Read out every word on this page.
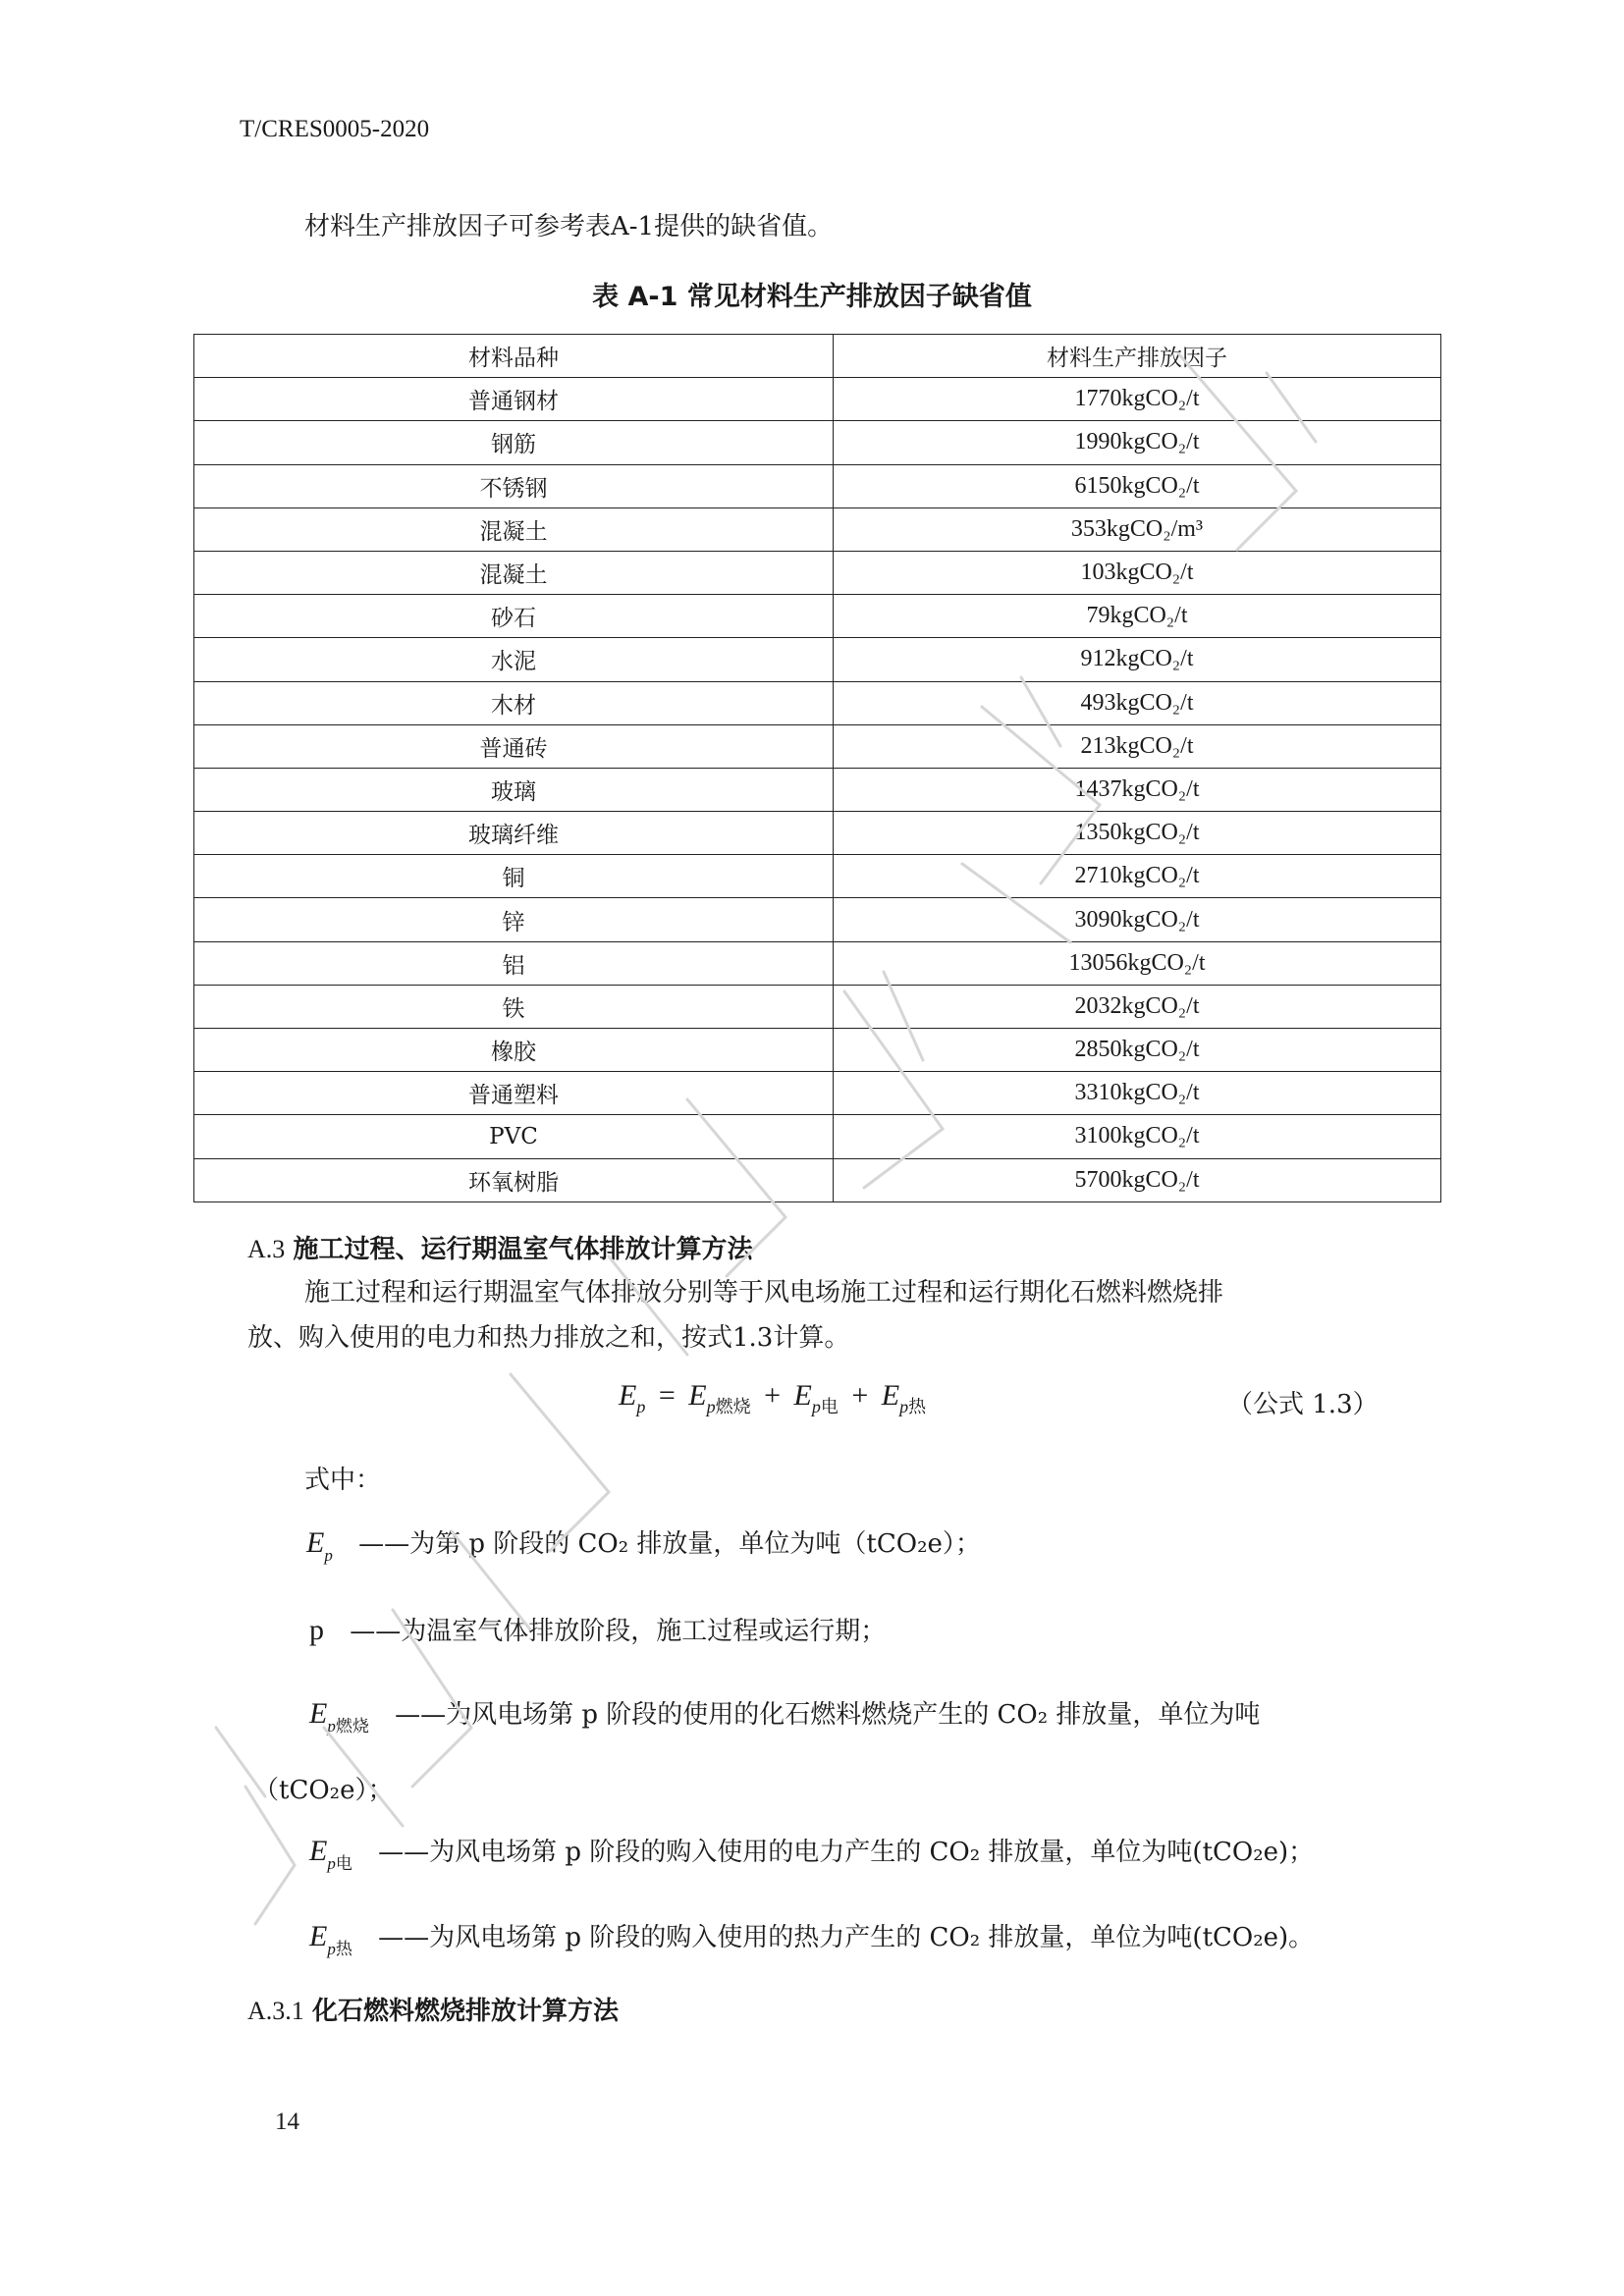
T/CRES0005-2020
材料生产排放因子可参考表A-1提供的缺省值。
表 A-1 常见材料生产排放因子缺省值
材料品种	材料生产排放因子
普通钢材	1770kgCO₂/t
钢筋	1990kgCO₂/t
不锈钢	6150kgCO₂/t
混凝土	353kgCO₂/m³
混凝土	103kgCO₂/t
砂石	79kgCO₂/t
水泥	912kgCO₂/t
木材	493kgCO₂/t
普通砖	213kgCO₂/t
玻璃	1437kgCO₂/t
玻璃纤维	1350kgCO₂/t
铜	2710kgCO₂/t
锌	3090kgCO₂/t
铝	13056kgCO₂/t
铁	2032kgCO₂/t
橡胶	2850kgCO₂/t
普通塑料	3310kgCO₂/t
PVC	3100kgCO₂/t
环氧树脂	5700kgCO₂/t
A.3 施工过程、运行期温室气体排放计算方法
施工过程和运行期温室气体排放分别等于风电场施工过程和运行期化石燃料燃烧排
放、购入使用的电力和热力排放之和，按式1.3计算。
$E_p = E_{p燃烧} + E_{p电} + E_{p热}$	（公式 1.3）
式中：
$E_p$ ——为第 p 阶段的 CO₂ 排放量，单位为吨（tCO₂e）；
p ——为温室气体排放阶段，施工过程或运行期；
$E_{p燃烧}$ ——为风电场第 p 阶段的使用的化石燃料燃烧产生的 CO₂ 排放量，单位为吨
（tCO₂e）；
$E_{p电}$ ——为风电场第 p 阶段的购入使用的电力产生的 CO₂ 排放量，单位为吨(tCO₂e)；
$E_{p热}$ ——为风电场第 p 阶段的购入使用的热力产生的 CO₂ 排放量，单位为吨(tCO₂e)。
A.3.1 化石燃料燃烧排放计算方法
14
